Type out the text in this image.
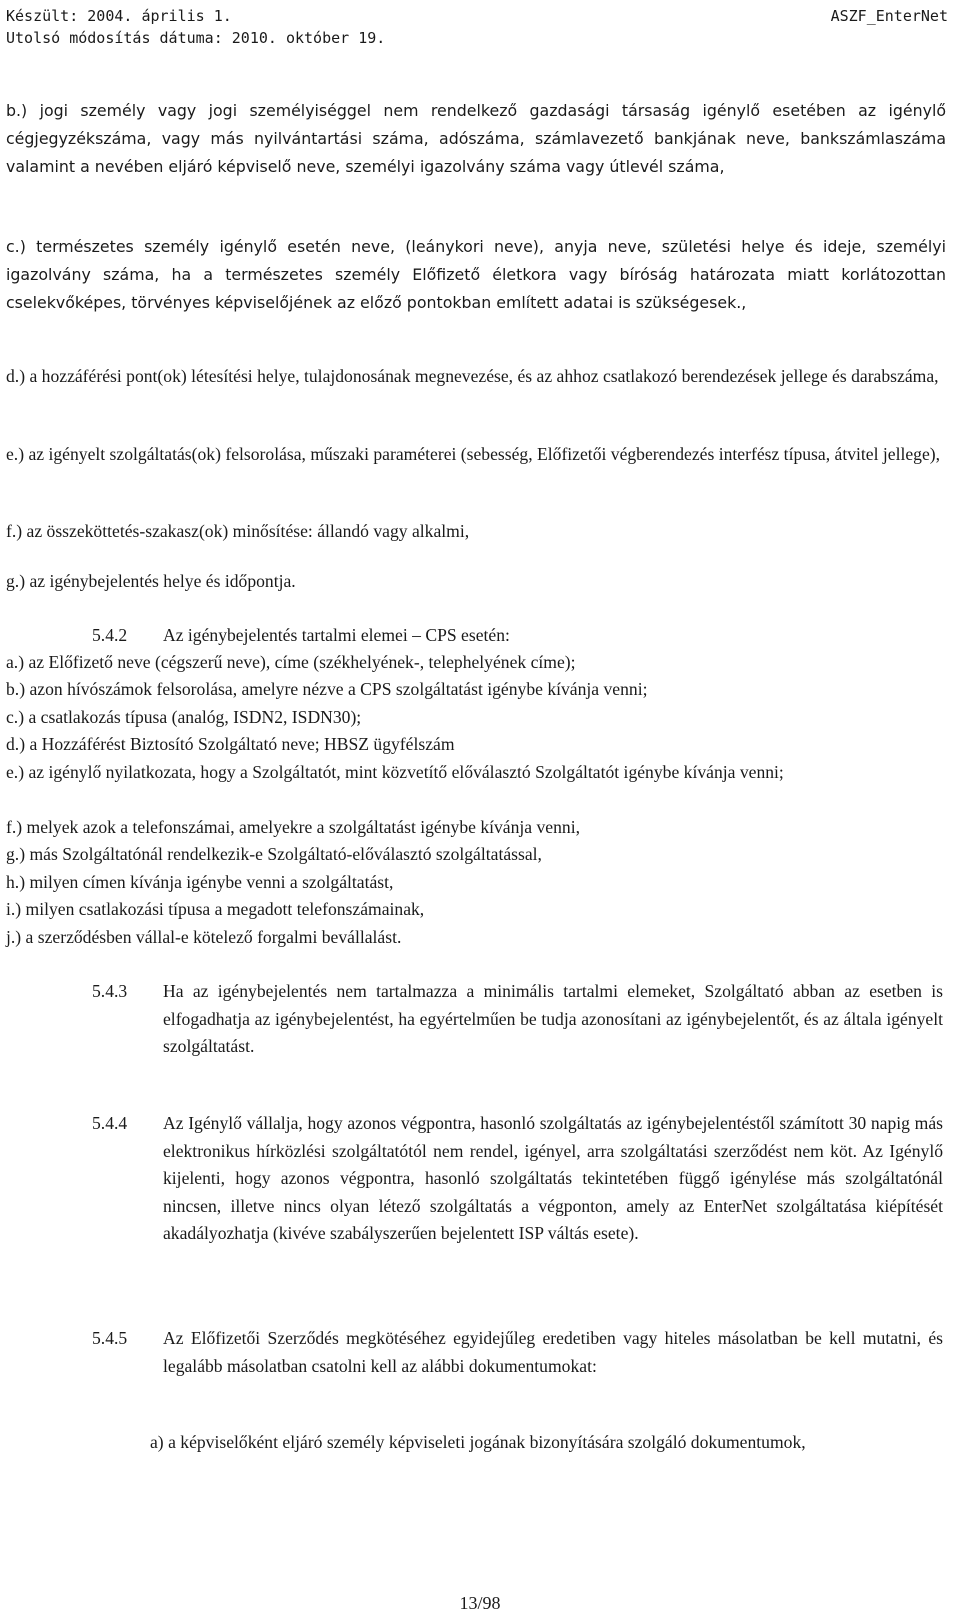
Készült: 2004. április 1.	ASZF_EnterNet
Utolsó módosítás dátuma: 2010. október 19.
b.) jogi személy vagy jogi személyiséggel nem rendelkező gazdasági társaság igénylő esetében az igénylő cégjegyzékszáma, vagy más nyilvántartási száma, adószáma, számlavezető bankjának neve, bankszámlaszáma valamint a nevében eljáró képviselő neve, személyi igazolvány száma vagy útlevél száma,
c.) természetes személy igénylő esetén neve, (leánykori neve), anyja neve, születési helye és ideje, személyi igazolvány száma, ha a természetes személy Előfizető életkora vagy bíróság határozata miatt korlátozottan cselekvőképes, törvényes képviselőjének az előző pontokban említett adatai is szükségesek.,
d.) a hozzáférési pont(ok) létesítési helye, tulajdonosának megnevezése, és az ahhoz csatlakozó berendezések jellege és darabszáma,
e.) az igényelt szolgáltatás(ok) felsorolása, műszaki paraméterei (sebesség, Előfizetői végberendezés interfész típusa, átvitel jellege),
f.) az összeköttetés-szakasz(ok) minősítése: állandó vagy alkalmi,
g.) az igénybejelentés helye és időpontja.
5.4.2 Az igénybejelentés tartalmi elemei – CPS esetén:
a.) az Előfizető neve (cégszerű neve), címe (székhelyének-, telephelyének címe);
b.) azon hívószámok felsorolása, amelyre nézve a CPS szolgáltatást igénybe kívánja venni;
c.) a csatlakozás típusa (analóg, ISDN2, ISDN30);
d.) a Hozzáférést Biztosító Szolgáltató neve; HBSZ ügyfélszám
e.) az igénylő nyilatkozata, hogy a Szolgáltatót, mint közvetítő előválasztó Szolgáltatót igénybe kívánja venni;
f.) melyek azok a telefonszámai, amelyekre a szolgáltatást igénybe kívánja venni,
g.) más Szolgáltatónál rendelkezik-e Szolgáltató-előválasztó szolgáltatással,
h.) milyen címen kívánja igénybe venni a szolgáltatást,
i.) milyen csatlakozási típusa a megadott telefonszámainak,
j.) a szerződésben vállal-e kötelező forgalmi bevállalást.
5.4.3 Ha az igénybejelentés nem tartalmazza a minimális tartalmi elemeket, Szolgáltató abban az esetben is elfogadhatja az igénybejelentést, ha egyértelműen be tudja azonosítani az igénybejelentőt, és az általa igényelt szolgáltatást.
5.4.4 Az Igénylő vállalja, hogy azonos végpontra, hasonló szolgáltatás az igénybejelentéstől számított 30 napig más elektronikus hírközlési szolgáltatótól nem rendel, igényel, arra szolgáltatási szerződést nem köt. Az Igénylő kijelenti, hogy azonos végpontra, hasonló szolgáltatás tekintetében függő igénylése más szolgáltatónál nincsen, illetve nincs olyan létező szolgáltatás a végponton, amely az EnterNet szolgáltatása kiépítését akadályozhatja (kivéve szabályszerűen bejelentett ISP váltás esete).
5.4.5 Az Előfizetői Szerződés megkötéséhez egyidejűleg eredetiben vagy hiteles másolatban be kell mutatni, és legalább másolatban csatolni kell az alábbi dokumentumokat:
a) a képviselőként eljáró személy képviseleti jogának bizonyítására szolgáló dokumentumok,
13/98
